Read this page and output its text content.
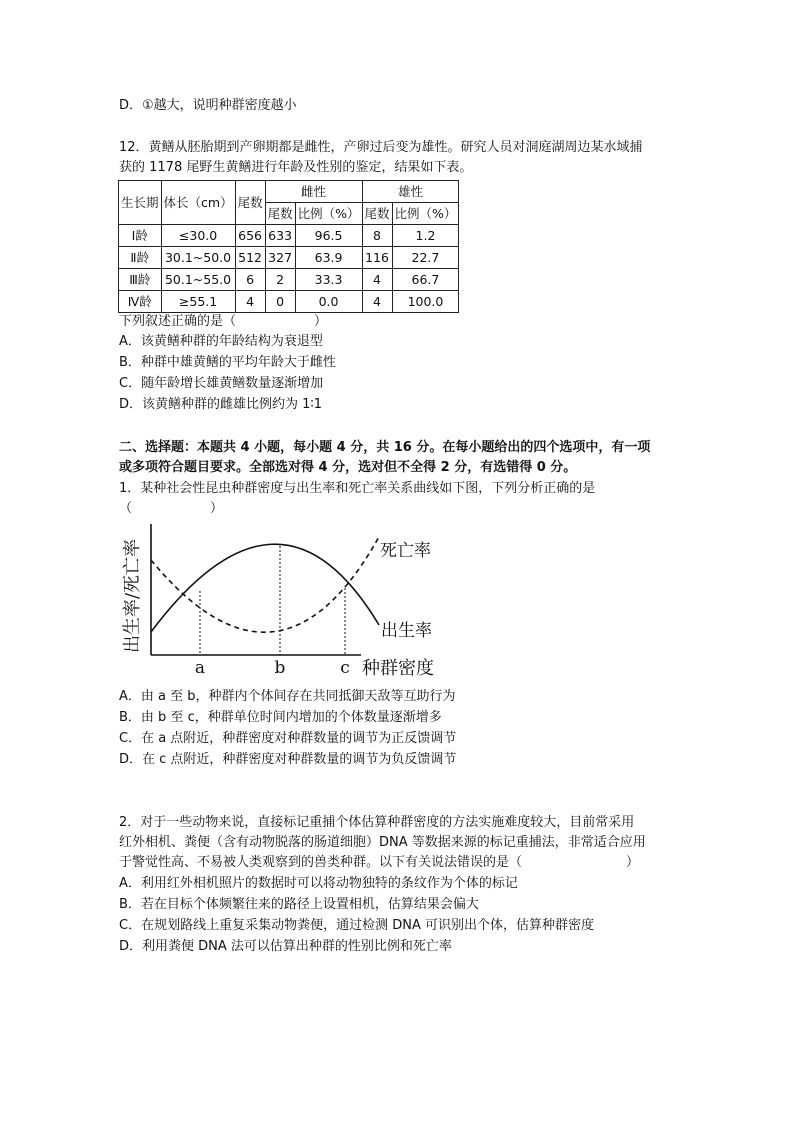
D．①越大，说明种群密度越小
12．黄鳝从胚胎期到产卵期都是雌性，产卵过后变为雄性。研究人员对洞庭湖周边某水域捕
获的 1178 尾野生黄鳝进行年龄及性别的鉴定，结果如下表。
生长期	体长（cm）	尾数	雌性		雄性	
			尾数	比例（%）	尾数	比例（%）
Ⅰ龄	≤30.0	656	633	96.5	8	1.2
Ⅱ龄	30.1~50.0	512	327	63.9	116	22.7
Ⅲ龄	50.1~55.0	6	2	33.3	4	66.7
Ⅳ龄	≥55.1	4	0	0.0	4	100.0
下列叙述正确的是（　　　　　　）
A．该黄鳝种群的年龄结构为衰退型
B．种群中雄黄鳝的平均年龄大于雌性
C．随年龄增长雄黄鳝数量逐渐增加
D．该黄鳝种群的雌雄比例约为 1∶1
二、选择题：本题共 4 小题，每小题 4 分，共 16 分。在每小题给出的四个选项中，有一项
或多项符合题目要求。全部选对得 4 分，选对但不全得 2 分，有选错得 0 分。
1．某种社会性昆虫种群密度与出生率和死亡率关系曲线如下图，下列分析正确的是
（　　　　　　）
出生率/死亡率
种群密度
死亡率
出生率
a	b	c
A．由 a 至 b，种群内个体间存在共同抵御天敌等互助行为
B．由 b 至 c，种群单位时间内增加的个体数量逐渐增多
C．在 a 点附近，种群密度对种群数量的调节为正反馈调节
D．在 c 点附近，种群密度对种群数量的调节为负反馈调节
2．对于一些动物来说，直接标记重捕个体估算种群密度的方法实施难度较大，目前常采用
红外相机、粪便（含有动物脱落的肠道细胞）DNA 等数据来源的标记重捕法，非常适合应用
于警觉性高、不易被人类观察到的兽类种群。以下有关说法错误的是（　　　　　　　　）
A．利用红外相机照片的数据时可以将动物独特的条纹作为个体的标记
B．若在目标个体频繁往来的路径上设置相机，估算结果会偏大
C．在规划路线上重复采集动物粪便，通过检测 DNA 可识别出个体，估算种群密度
D．利用粪便 DNA 法可以估算出种群的性别比例和死亡率
